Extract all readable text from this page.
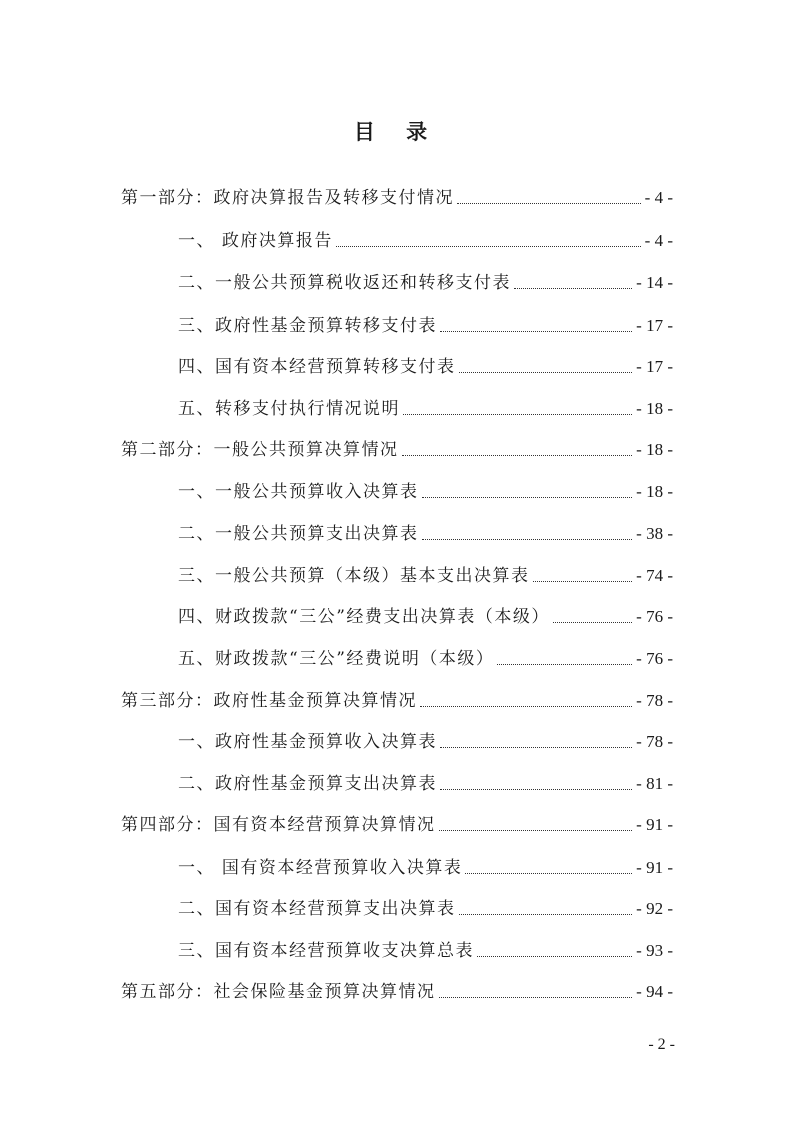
目 录
第一部分：政府决算报告及转移支付情况	- 4 -
一、 政府决算报告	- 4 -
二、一般公共预算税收返还和转移支付表	- 14 -
三、政府性基金预算转移支付表	- 17 -
四、国有资本经营预算转移支付表	- 17 -
五、转移支付执行情况说明	- 18 -
第二部分：一般公共预算决算情况	- 18 -
一、一般公共预算收入决算表	- 18 -
二、一般公共预算支出决算表	- 38 -
三、一般公共预算（本级）基本支出决算表	- 74 -
四、财政拨款“三公”经费支出决算表（本级）	- 76 -
五、财政拨款“三公”经费说明（本级）	- 76 -
第三部分：政府性基金预算决算情况	- 78 -
一、政府性基金预算收入决算表	- 78 -
二、政府性基金预算支出决算表	- 81 -
第四部分：国有资本经营预算决算情况	- 91 -
一、 国有资本经营预算收入决算表	- 91 -
二、国有资本经营预算支出决算表	- 92 -
三、国有资本经营预算收支决算总表	- 93 -
第五部分：社会保险基金预算决算情况	- 94 -
- 2 -
